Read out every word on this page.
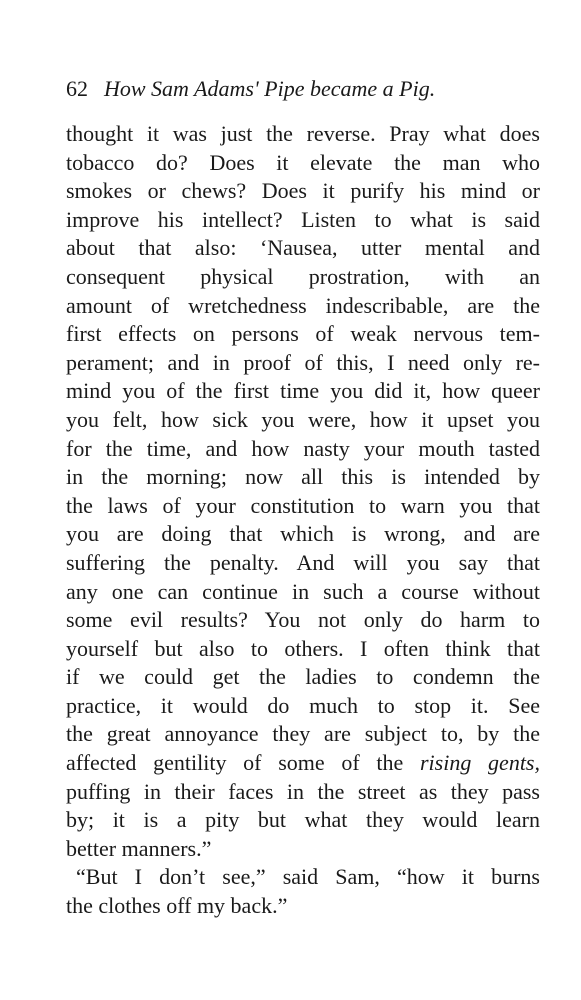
62 How Sam Adams' Pipe became a Pig.
thought it was just the reverse. Pray what does
tobacco do? Does it elevate the man who
smokes or chews? Does it purify his mind or
improve his intellect? Listen to what is said
about that also: ‘Nausea, utter mental and
consequent physical prostration, with an
amount of wretchedness indescribable, are the
first effects on persons of weak nervous tem-
perament; and in proof of this, I need only re-
mind you of the first time you did it, how queer
you felt, how sick you were, how it upset you
for the time, and how nasty your mouth tasted
in the morning; now all this is intended by
the laws of your constitution to warn you that
you are doing that which is wrong, and are
suffering the penalty. And will you say that
any one can continue in such a course without
some evil results? You not only do harm to
yourself but also to others. I often think that
if we could get the ladies to condemn the
practice, it would do much to stop it. See
the great annoyance they are subject to, by the
affected gentility of some of the rising gents,
puffing in their faces in the street as they pass
by; it is a pity but what they would learn
better manners.”
“But I don’t see,” said Sam, “how it burns
the clothes off my back.”
